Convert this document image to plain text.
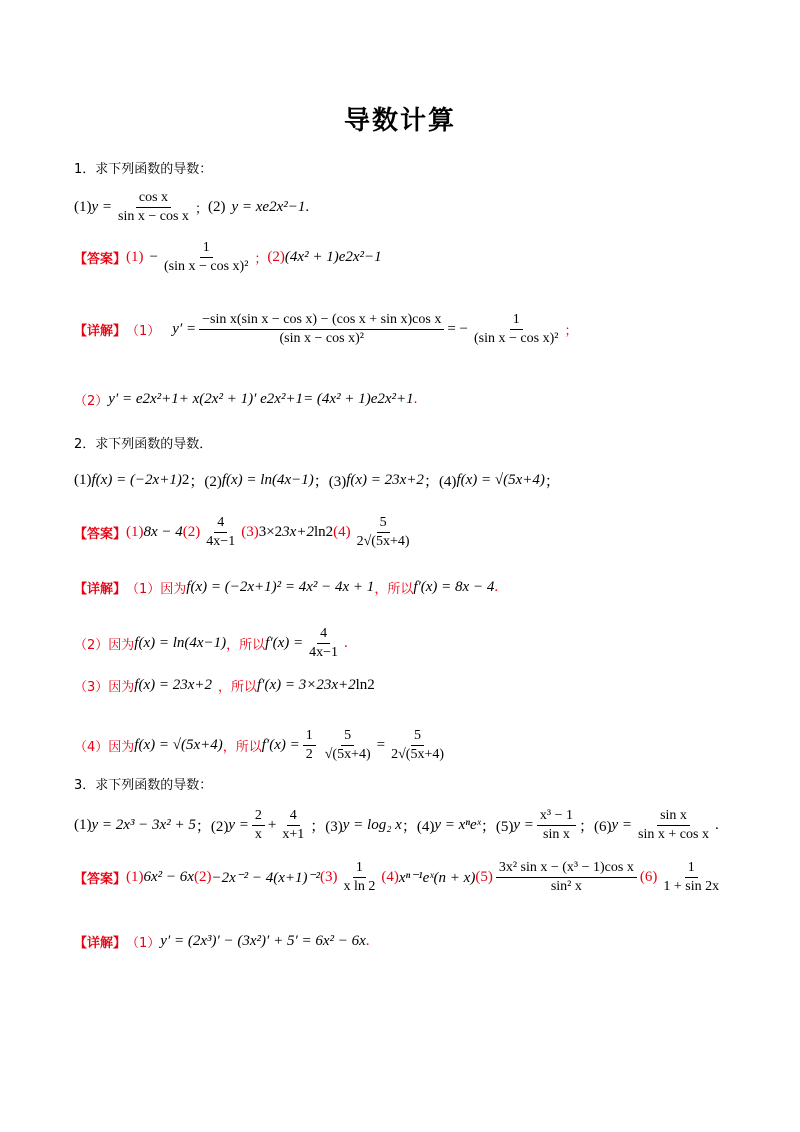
导数计算
1．求下列函数的导数：
(1) $y = \frac{\text{cos x}}{\text{sin x − cos x}}$ ； (2) y = xe 2x²−1 .
【答案】 $(1) - \frac{1}{\text{(sin x − cos x)²}}$ ； (2) (4x² + 1)e 2x²−1
【详解】 （1） $y' = \frac{\text{−sin x(sin x − cos x) − (cos x + sin x)cos x}}{\text{(sin x − cos x)²}}$ = − $\frac{1}{\text{(sin x − cos x)²}}$ ；
（2） y′ = e 2x²+1 + x(2x² + 1)′ e 2x²+1 = (4x² + 1)e 2x²+1 .
2．求下列函数的导数．
(1) f(x) = (−2x+1) 2 ；(2) f(x) = ln(4x−1) ；(3) f(x) = 2 3x+2 ；(4) f(x) = √(5x+4) ；
【答案】 (1) 8x − 4 $(2) \frac{4}{4x-1} (3)$ 3×2 3x+2 ln2 $(4) \frac{5}{2√(5x+4)}$
【详解】 （1）因为 f(x) = (−2x+1)² = 4x² − 4x + 1 ，所以 f′(x) = 8x − 4 .
（2）因为 f(x) = ln(4x−1) ，所以 $f'(x) = \frac{4}{4x-1}$ .
（3）因为 f(x) = 2 3x+2 ，所以 f′(x) = 3×2 3x+2 ln2
（4）因为 f(x) = √(5x+4) ，所以 $f'(x) = \frac{1}{2} \frac{5}{√(5x+4)} = \frac{5}{2√(5x+4)}$
3．求下列函数的导数：
(1) y = 2x³ − 3x² + 5 ；(2) $y = \frac{2}{x} + \frac{4}{x+1}$ ；(3) y = log₂ x ；(4) y = xⁿeˣ ；(5) $y = \frac{\text{x³ − 1}}{\text{sin x}}$ ；(6) $y = \frac{\text{sin x}}{\text{sin x + cos x}}$ .
【答案】 (1) 6x² − 6x (2) −2x⁻² − 4(x+1)⁻² $(3) \frac{1}{\text{x ln 2}} (4)$ xⁿ⁻¹eˣ(n + x) $(5) \frac{\text{3x² sin x − (x³ − 1)cos x}}{\text{sin² x}} (6) \frac{1}{1 + \sin 2x}$
【详解】 （1） y′ = (2x³)′ − (3x²)′ + 5′ = 6x² − 6x .
